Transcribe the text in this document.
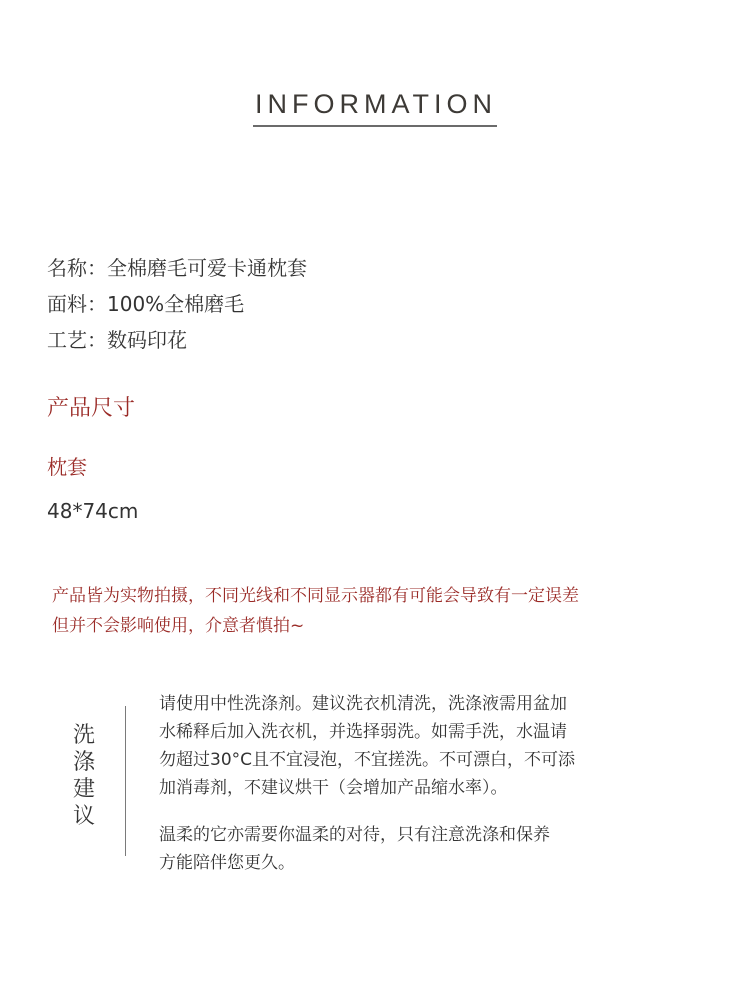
INFORMATION
名称：全棉磨毛可爱卡通枕套
面料：100%全棉磨毛
工艺：数码印花
产品尺寸
枕套
48*74cm
产品皆为实物拍摄，不同光线和不同显示器都有可能会导致有一定误差
但并不会影响使用，介意者慎拍~
洗
涤
建
议
请使用中性洗涤剂。建议洗衣机清洗，洗涤液需用盆加
水稀释后加入洗衣机，并选择弱洗。如需手洗，水温请
勿超过30°C且不宜浸泡，不宜搓洗。不可漂白，不可添
加消毒剂，不建议烘干（会增加产品缩水率）。
温柔的它亦需要你温柔的对待，只有注意洗涤和保养
方能陪伴您更久。
